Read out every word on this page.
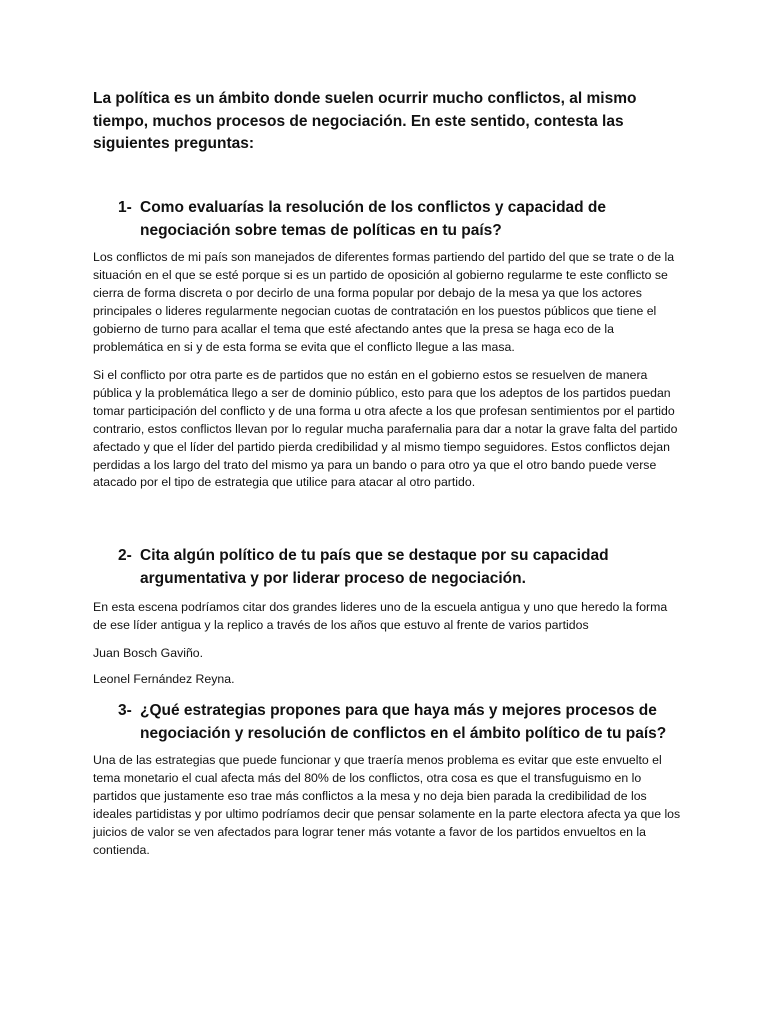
La política es un ámbito donde suelen ocurrir mucho conflictos, al mismo tiempo, muchos procesos de negociación. En este sentido, contesta las siguientes preguntas:

1- Como evaluarías la resolución de los conflictos y capacidad de negociación sobre temas de políticas en tu país?

Los conflictos de mi país son manejados de diferentes formas partiendo del partido del que se trate o de la situación en el que se esté porque si es un partido de oposición al gobierno regularme te este conflicto se cierra de forma discreta o por decirlo de una forma popular por debajo de la mesa ya que los actores principales o lideres regularmente negocian cuotas de contratación en los puestos públicos que tiene el gobierno de turno para acallar el tema que esté afectando antes que la presa se haga eco de la problemática en si y de esta forma se evita que el conflicto llegue a las masa.

Si el conflicto por otra parte es de partidos que no están en el gobierno estos se resuelven de manera pública y la problemática llego a ser de dominio público, esto para que los adeptos de los partidos puedan tomar participación del conflicto y de una forma u otra afecte a los que profesan sentimientos por el partido contrario, estos conflictos llevan por lo regular mucha parafernalia para dar a notar la grave falta del partido afectado y que el líder del partido pierda credibilidad y al mismo tiempo seguidores. Estos conflictos dejan perdidas a los largo del trato del mismo ya para un bando o para otro ya que el otro bando puede verse atacado por el tipo de estrategia que utilice para atacar al otro partido.

2- Cita algún político de tu país que se destaque por su capacidad argumentativa y por liderar proceso de negociación.

En esta escena podríamos citar dos grandes lideres uno de la escuela antigua y uno que heredo la forma de ese líder antigua y la replico a través de los años que estuvo al frente de varios partidos

Juan Bosch Gaviño.

Leonel Fernández Reyna.

3- ¿Qué estrategias propones para que haya más y mejores procesos de negociación y resolución de conflictos en el ámbito político de tu país?

Una de las estrategias que puede funcionar y que traería menos problema es evitar que este envuelto el tema monetario el cual afecta más del 80% de los conflictos, otra cosa es que el transfuguismo en lo partidos que justamente eso trae más conflictos a la mesa y no deja bien parada la credibilidad de los ideales partidistas y por ultimo podríamos decir que pensar solamente en la parte electora afecta ya que los juicios de valor se ven afectados para lograr tener más votante a favor de los partidos envueltos en la contienda.
